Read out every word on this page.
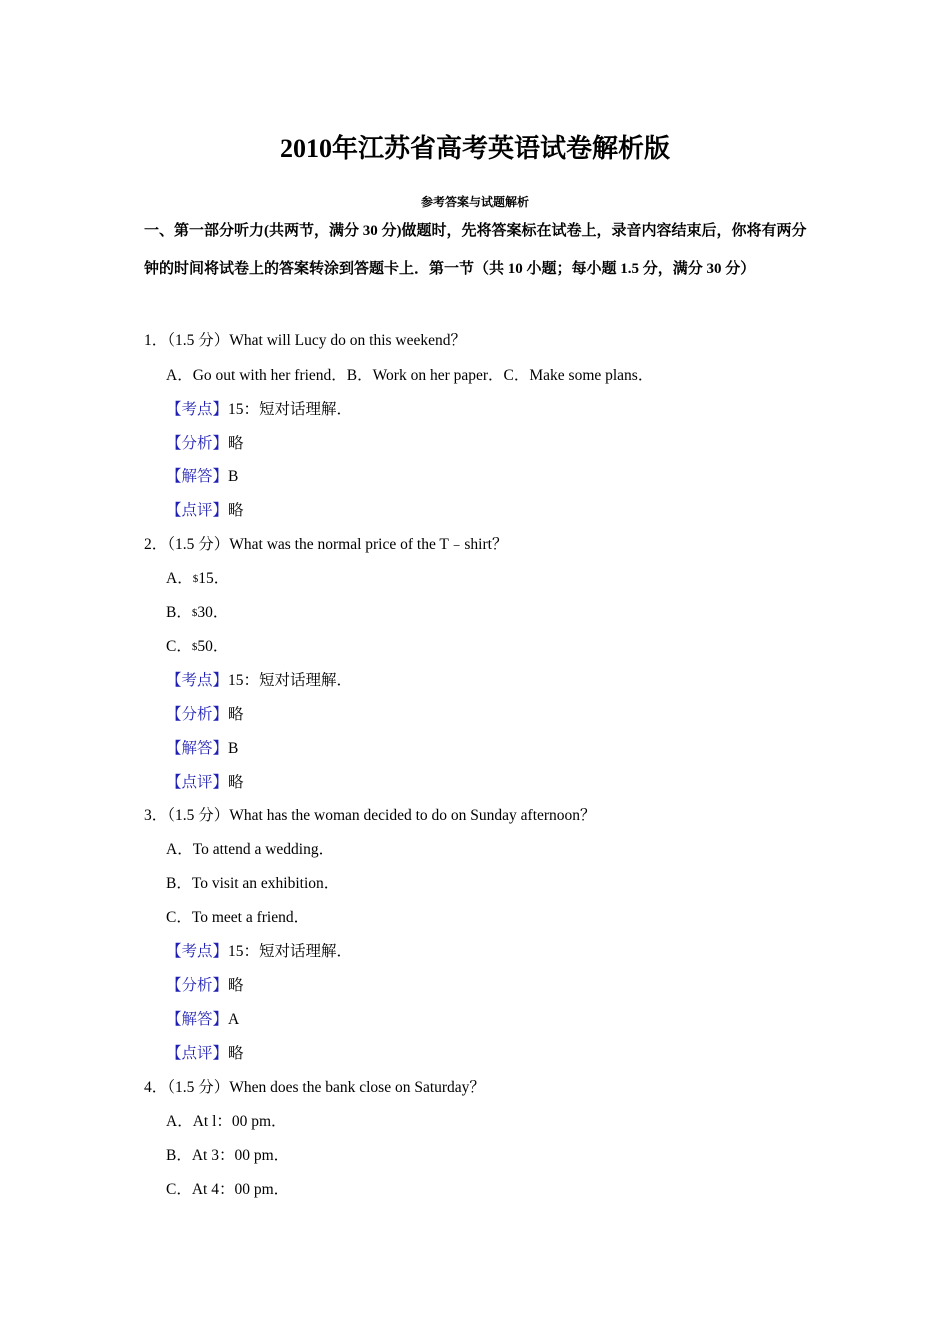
2010年江苏省高考英语试卷解析版
参考答案与试题解析
一、第一部分听力(共两节，满分 30 分)做题时，先将答案标在试卷上，录音内容结束后，你将有两分钟的时间将试卷上的答案转涂到答题卡上．第一节（共 10 小题；每小题 1.5 分，满分 30 分）
1．（1.5 分）What will Lucy do on this weekend？
A．Go out with her friend．B．Work on her paper．C．Make some plans．
【考点】15：短对话理解．
【分析】略
【解答】B
【点评】略
2．（1.5 分）What was the normal price of the T﹣shirt？
A．$15．
B．$30．
C．$50．
【考点】15：短对话理解．
【分析】略
【解答】B
【点评】略
3．（1.5 分）What has the woman decided to do on Sunday afternoon？
A．To attend a wedding．
B．To visit an exhibition．
C．To meet a friend．
【考点】15：短对话理解．
【分析】略
【解答】A
【点评】略
4．（1.5 分）When does the bank close on Saturday？
A．At l：00 pm．
B．At 3：00 pm．
C．At 4：00 pm．
